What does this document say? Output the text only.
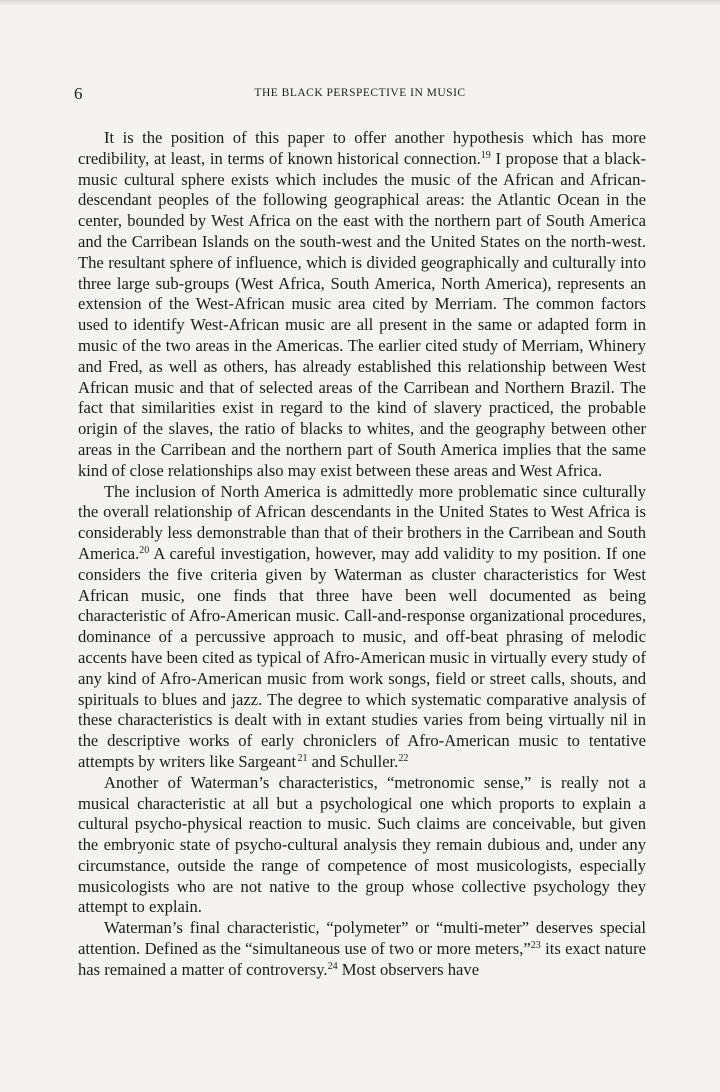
6	THE BLACK PERSPECTIVE IN MUSIC

It is the position of this paper to offer another hypothesis which has more credibility, at least, in terms of known historical connection.$^{19}$ I propose that a black-music cultural sphere exists which includes the music of the African and African-descendant peoples of the following geographical areas: the Atlantic Ocean in the center, bounded by West Africa on the east with the northern part of South America and the Carribean Islands on the south-west and the United States on the north-west. The resultant sphere of influence, which is divided geographically and culturally into three large sub-groups (West Africa, South America, North America), represents an extension of the West-African music area cited by Merriam. The common factors used to identify West-African music are all present in the same or adapted form in music of the two areas in the Americas. The earlier cited study of Merriam, Whinery and Fred, as well as others, has already established this relationship between West African music and that of selected areas of the Carribean and Northern Brazil. The fact that similarities exist in regard to the kind of slavery practiced, the probable origin of the slaves, the ratio of blacks to whites, and the geography between other areas in the Carribean and the northern part of South America implies that the same kind of close relationships also may exist between these areas and West Africa.

The inclusion of North America is admittedly more problematic since culturally the overall relationship of African descendants in the United States to West Africa is considerably less demonstrable than that of their brothers in the Carribean and South America.$^{20}$ A careful investigation, however, may add validity to my position. If one considers the five criteria given by Waterman as cluster characteristics for West African music, one finds that three have been well documented as being characteristic of Afro-American music. Call-and-response organizational procedures, dominance of a percussive approach to music, and off-beat phrasing of melodic accents have been cited as typical of Afro-American music in virtually every study of any kind of Afro-American music from work songs, field or street calls, shouts, and spirituals to blues and jazz. The degree to which systematic comparative analysis of these characteristics is dealt with in extant studies varies from being virtually nil in the descriptive works of early chroniclers of Afro-American music to tentative attempts by writers like Sargeant $^{21}$ and Schuller.$^{22}$

Another of Waterman’s characteristics, “metronomic sense,” is really not a musical characteristic at all but a psychological one which proports to explain a cultural psycho-physical reaction to music. Such claims are conceivable, but given the embryonic state of psycho-cultural analysis they remain dubious and, under any circumstance, outside the range of competence of most musicologists, especially musicologists who are not native to the group whose collective psychology they attempt to explain.

Waterman’s final characteristic, “polymeter” or “multi-meter” deserves special attention. Defined as the “simultaneous use of two or more meters,”$^{23}$ its exact nature has remained a matter of controversy.$^{24}$ Most observers have
